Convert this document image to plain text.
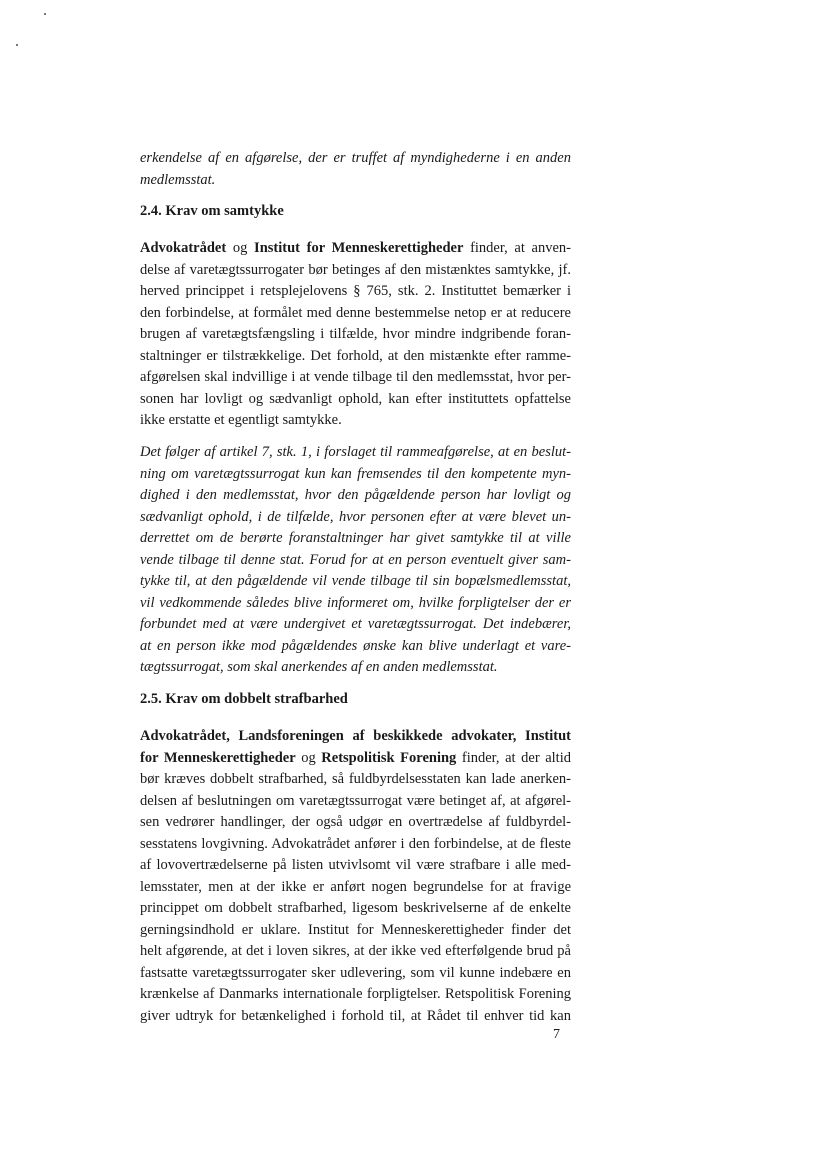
erkendelse af en afgørelse, der er truffet af myndighederne i en anden
medlemsstat.
2.4. Krav om samtykke
Advokatrådet og Institut for Menneskerettigheder finder, at anven-
delse af varetægtssurrogater bør betinges af den mistænktes samtykke, jf.
herved princippet i retsplejelovens § 765, stk. 2. Instituttet bemærker i
den forbindelse, at formålet med denne bestemmelse netop er at reducere
brugen af varetægtsfængsling i tilfælde, hvor mindre indgribende foran-
staltninger er tilstrækkelige. Det forhold, at den mistænkte efter ramme-
afgørelsen skal indvillige i at vende tilbage til den medlemsstat, hvor per-
sonen har lovligt og sædvanligt ophold, kan efter instituttets opfattelse
ikke erstatte et egentligt samtykke.
Det følger af artikel 7, stk. 1, i forslaget til rammeafgørelse, at en beslut-
ning om varetægtssurrogat kun kan fremsendes til den kompetente myn-
dighed i den medlemsstat, hvor den pågældende person har lovligt og
sædvanligt ophold, i de tilfælde, hvor personen efter at være blevet un-
derrettet om de berørte foranstaltninger har givet samtykke til at ville
vende tilbage til denne stat. Forud for at en person eventuelt giver sam-
tykke til, at den pågældende vil vende tilbage til sin bopælsmedlemsstat,
vil vedkommende således blive informeret om, hvilke forpligtelser der er
forbundet med at være undergivet et varetægtssurrogat. Det indebærer,
at en person ikke mod pågældendes ønske kan blive underlagt et vare-
tægtssurrogat, som skal anerkendes af en anden medlemsstat.
2.5. Krav om dobbelt strafbarhed
Advokatrådet, Landsforeningen af beskikkede advokater, Institut
for Menneskerettigheder og Retspolitisk Forening finder, at der altid
bør kræves dobbelt strafbarhed, så fuldbyrdelsesstaten kan lade anerken-
delsen af beslutningen om varetægtssurrogat være betinget af, at afgørel-
sen vedrører handlinger, der også udgør en overtrædelse af fuldbyrdel-
sesstatens lovgivning. Advokatrådet anfører i den forbindelse, at de fleste
af lovovertrædelserne på listen utvivlsomt vil være strafbare i alle med-
lemsstater, men at der ikke er anført nogen begrundelse for at fravige
princippet om dobbelt strafbarhed, ligesom beskrivelserne af de enkelte
gerningsindhold er uklare. Institut for Menneskerettigheder finder det
helt afgørende, at det i loven sikres, at der ikke ved efterfølgende brud på
fastsatte varetægtssurrogater sker udlevering, som vil kunne indebære en
krænkelse af Danmarks internationale forpligtelser. Retspolitisk Forening
giver udtryk for betænkelighed i forhold til, at Rådet til enhver tid kan
7
